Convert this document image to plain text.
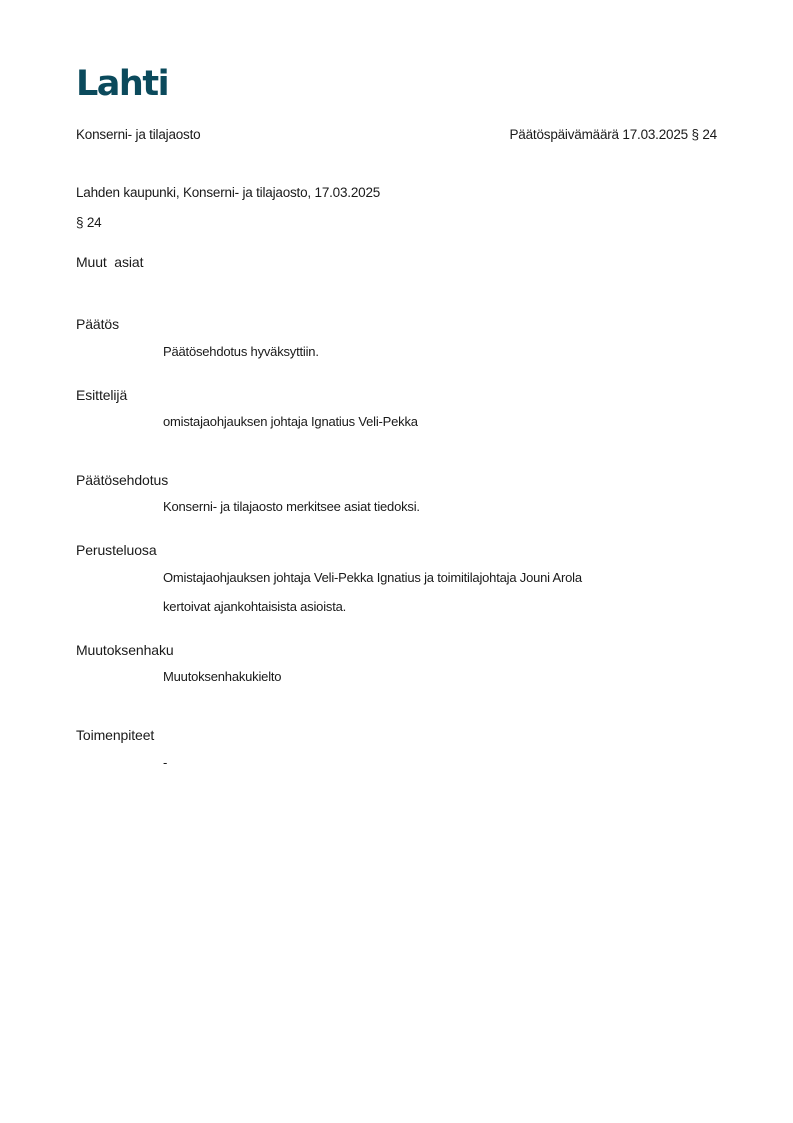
Lahti
Konserni- ja tilajaosto	Päätöspäivämäärä 17.03.2025 § 24
Lahden kaupunki, Konserni- ja tilajaosto, 17.03.2025
§ 24
Muut  asiat
Päätös

Päätösehdotus hyväksyttiin.

Esittelijä

omistajaohjauksen johtaja Ignatius Veli-Pekka

Päätösehdotus

Konserni- ja tilajaosto merkitsee asiat tiedoksi.

Perusteluosa

Omistajaohjauksen johtaja Veli-Pekka Ignatius ja toimitilajohtaja Jouni Arola

kertoivat ajankohtaisista asioista.

Muutoksenhaku

Muutoksenhakukielto

Toimenpiteet

-
